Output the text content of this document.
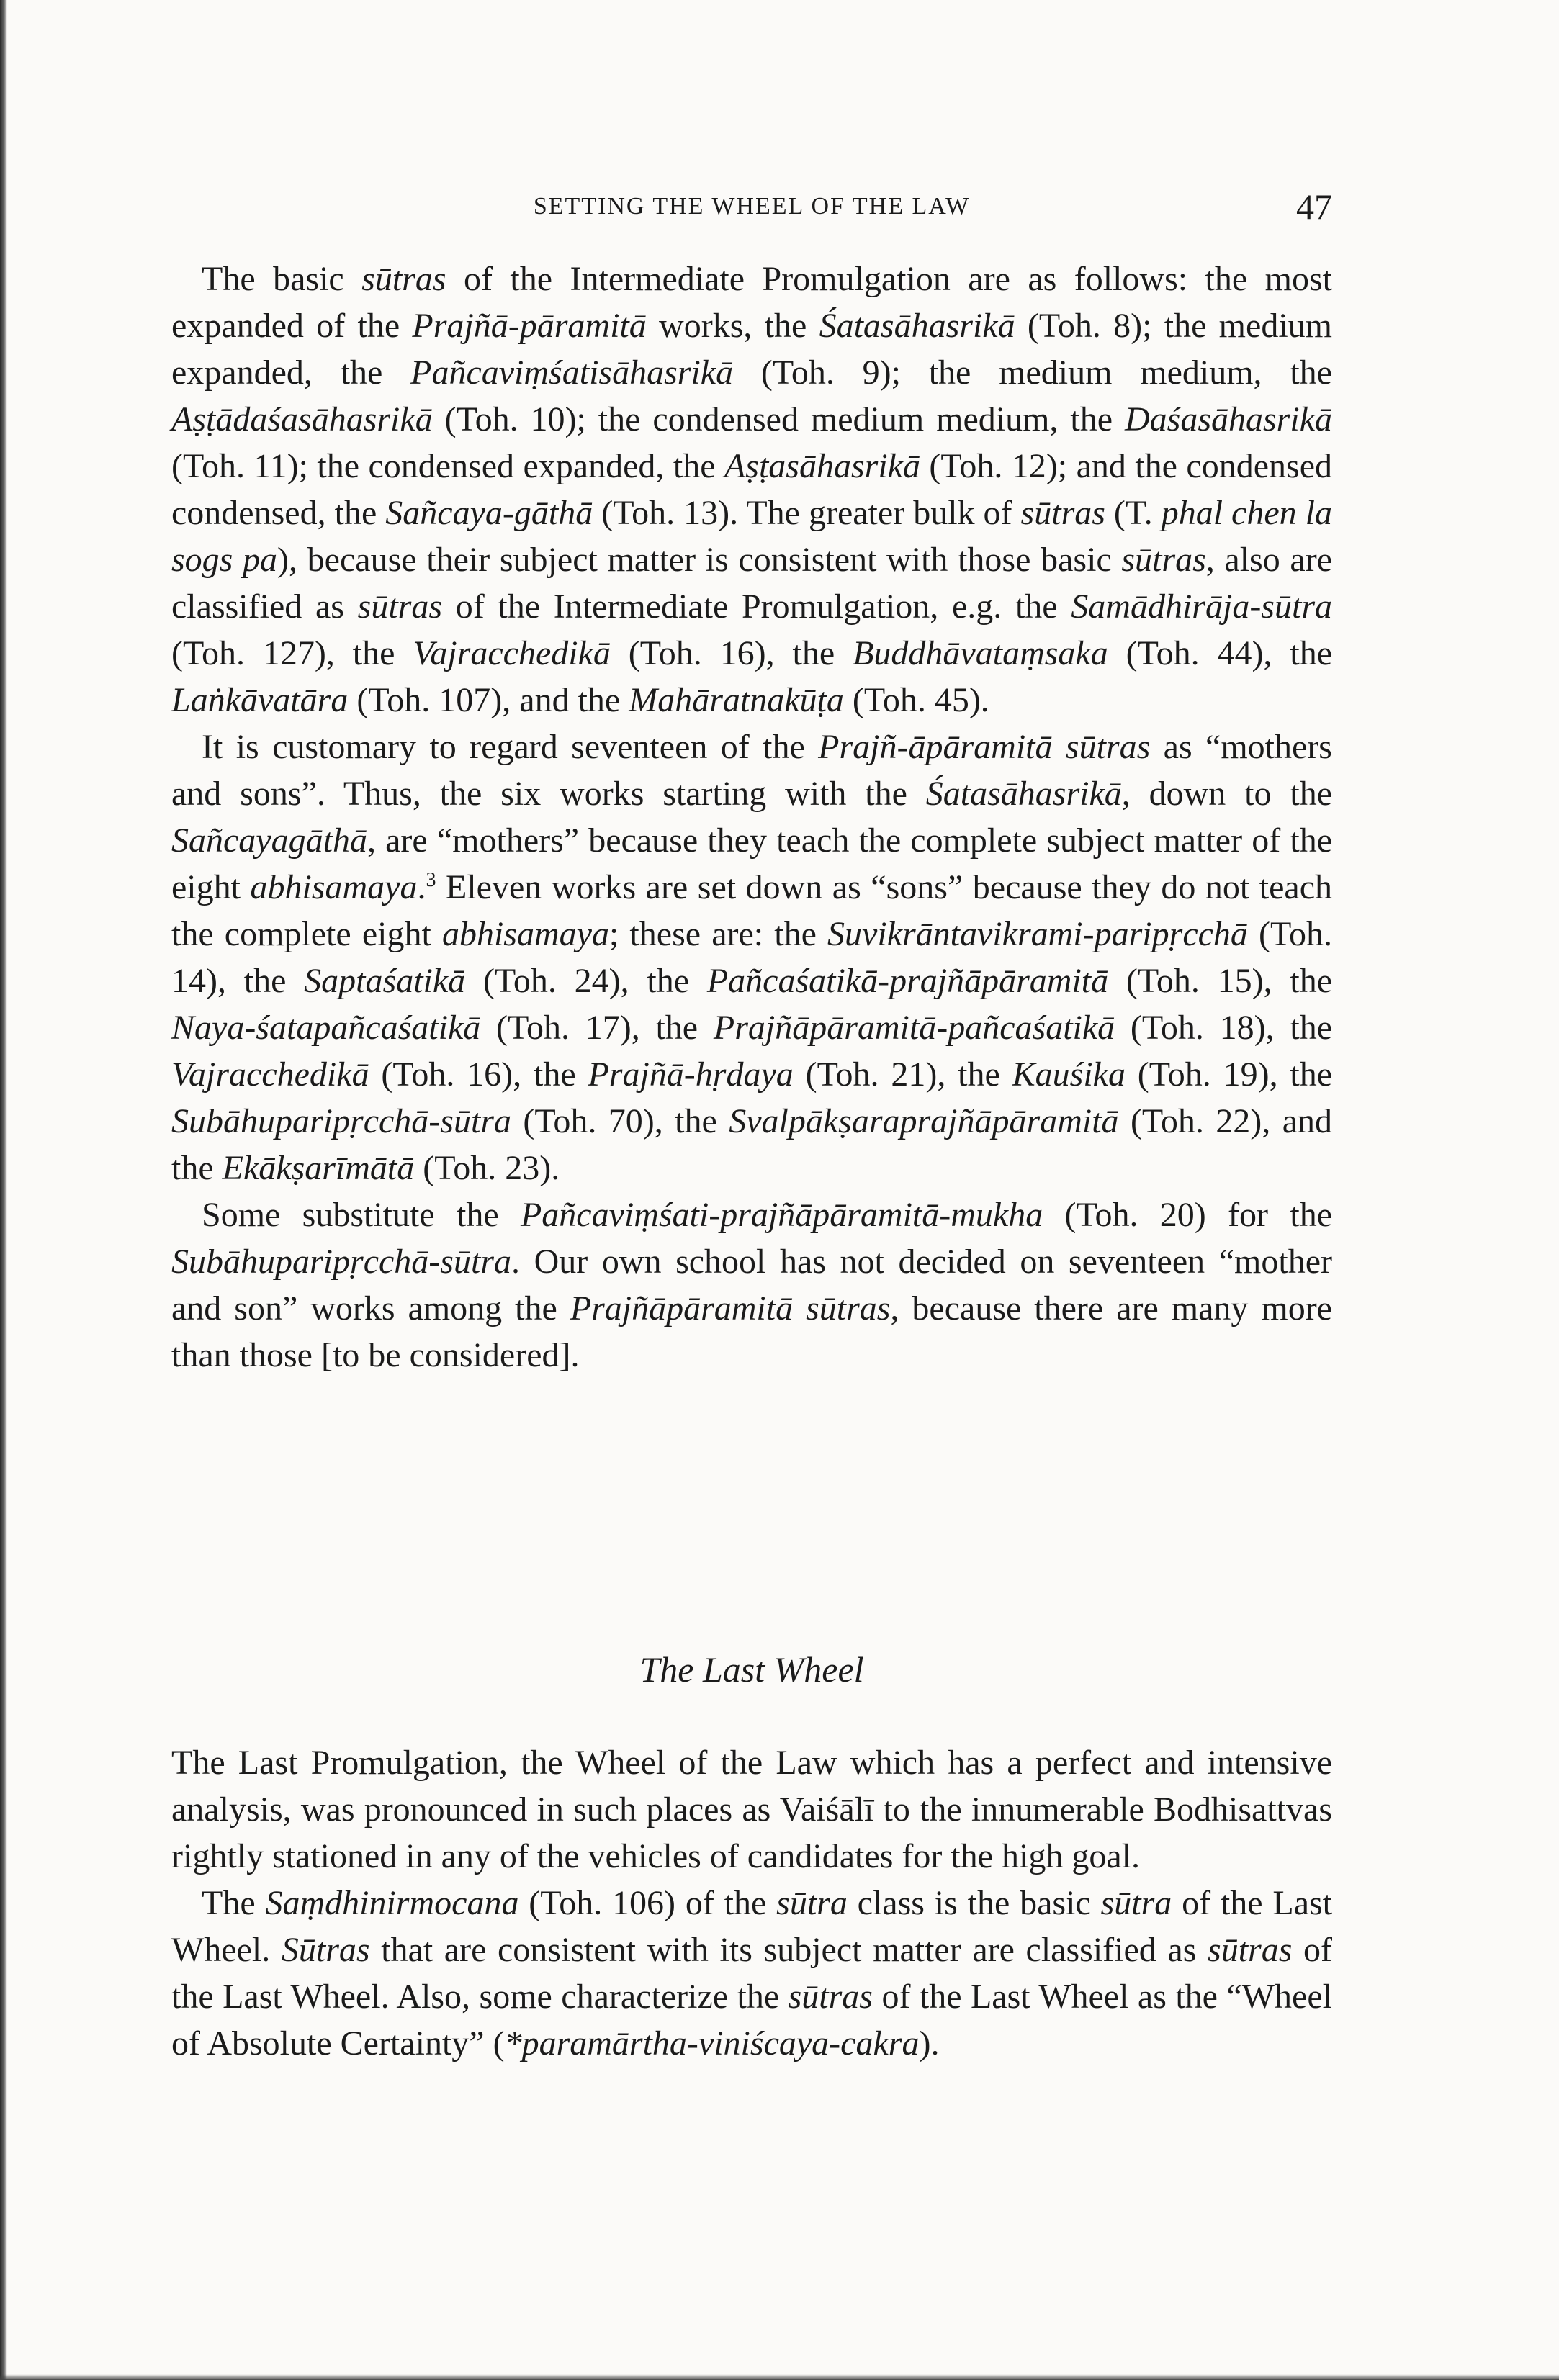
SETTING THE WHEEL OF THE LAW	47

The basic sūtras of the Intermediate Promulgation are as follows: the most expanded of the Prajñā-pāramitā works, the Śatasāhasrikā (Toh. 8); the medium expanded, the Pañcaviṃśatisāhasrikā (Toh. 9); the medium medium, the Aṣṭādaśasāhasrikā (Toh. 10); the condensed medium medium, the Daśasāhasrikā (Toh. 11); the condensed expanded, the Aṣṭasāhasrikā (Toh. 12); and the condensed condensed, the Sañcaya-gāthā (Toh. 13). The greater bulk of sūtras (T. phal chen la sogs pa), because their subject matter is consistent with those basic sūtras, also are classified as sūtras of the Intermediate Promulgation, e.g. the Samādhirāja-sūtra (Toh. 127), the Vajracchedikā (Toh. 16), the Buddhāvataṃsaka (Toh. 44), the Laṅkāvatāra (Toh. 107), and the Mahāratnakūṭa (Toh. 45).

It is customary to regard seventeen of the Prajñ-āpāramitā sūtras as “mothers and sons”. Thus, the six works starting with the Śatasāhasrikā, down to the Sañcayagāthā, are “mothers” because they teach the complete subject matter of the eight abhisamaya.$^3$ Eleven works are set down as “sons” because they do not teach the complete eight abhisamaya; these are: the Suvikrāntavikrami-paripṛcchā (Toh. 14), the Saptaśatikā (Toh. 24), the Pañcaśatikā-prajñāpāramitā (Toh. 15), the Naya-śatapañcaśatikā (Toh. 17), the Prajñāpāramitā-pañcaśatikā (Toh. 18), the Vajracchedikā (Toh. 16), the Prajñā-hṛdaya (Toh. 21), the Kauśika (Toh. 19), the Subāhuparipṛcchā-sūtra (Toh. 70), the Svalpākṣaraprajñāpāramitā (Toh. 22), and the Ekākṣarīmātā (Toh. 23).

Some substitute the Pañcaviṃśati-prajñāpāramitā-mukha (Toh. 20) for the Subāhuparipṛcchā-sūtra. Our own school has not decided on seventeen “mother and son” works among the Prajñāpāramitā sūtras, because there are many more than those [to be considered].

The Last Wheel

The Last Promulgation, the Wheel of the Law which has a perfect and intensive analysis, was pronounced in such places as Vaiśālī to the innumerable Bodhisattvas rightly stationed in any of the vehicles of candidates for the high goal.

The Saṃdhinirmocana (Toh. 106) of the sūtra class is the basic sūtra of the Last Wheel. Sūtras that are consistent with its subject matter are classified as sūtras of the Last Wheel. Also, some characterize the sūtras of the Last Wheel as the “Wheel of Absolute Certainty” (*paramārtha-viniścaya-cakra).
